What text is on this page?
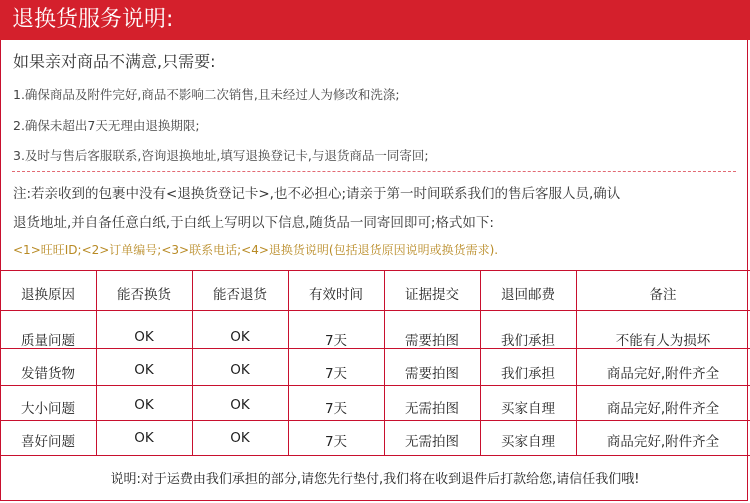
退换货服务说明:
如果亲对商品不满意,只需要:
1.确保商品及附件完好,商品不影响二次销售,且未经过人为修改和洗涤;
2.确保未超出7天无理由退换期限;
3.及时与售后客服联系,咨询退换地址,填写退换登记卡,与退货商品一同寄回;
注:若亲收到的包裹中没有<退换货登记卡>,也不必担心;请亲于第一时间联系我们的售后客服人员,确认
退货地址,并自备任意白纸,于白纸上写明以下信息,随货品一同寄回即可;格式如下:
<1>旺旺ID;<2>订单编号;<3>联系电话;<4>退换货说明(包括退货原因说明或换货需求).
退换原因	能否换货	能否退货	有效时间	证据提交	退回邮费	备注
质量问题	OK	OK	7天	需要拍图	我们承担	不能有人为损坏
发错货物	OK	OK	7天	需要拍图	我们承担	商品完好,附件齐全
大小问题	OK	OK	7天	无需拍图	买家自理	商品完好,附件齐全
喜好问题	OK	OK	7天	无需拍图	买家自理	商品完好,附件齐全
说明:对于运费由我们承担的部分,请您先行垫付,我们将在收到退件后打款给您,请信任我们哦!
